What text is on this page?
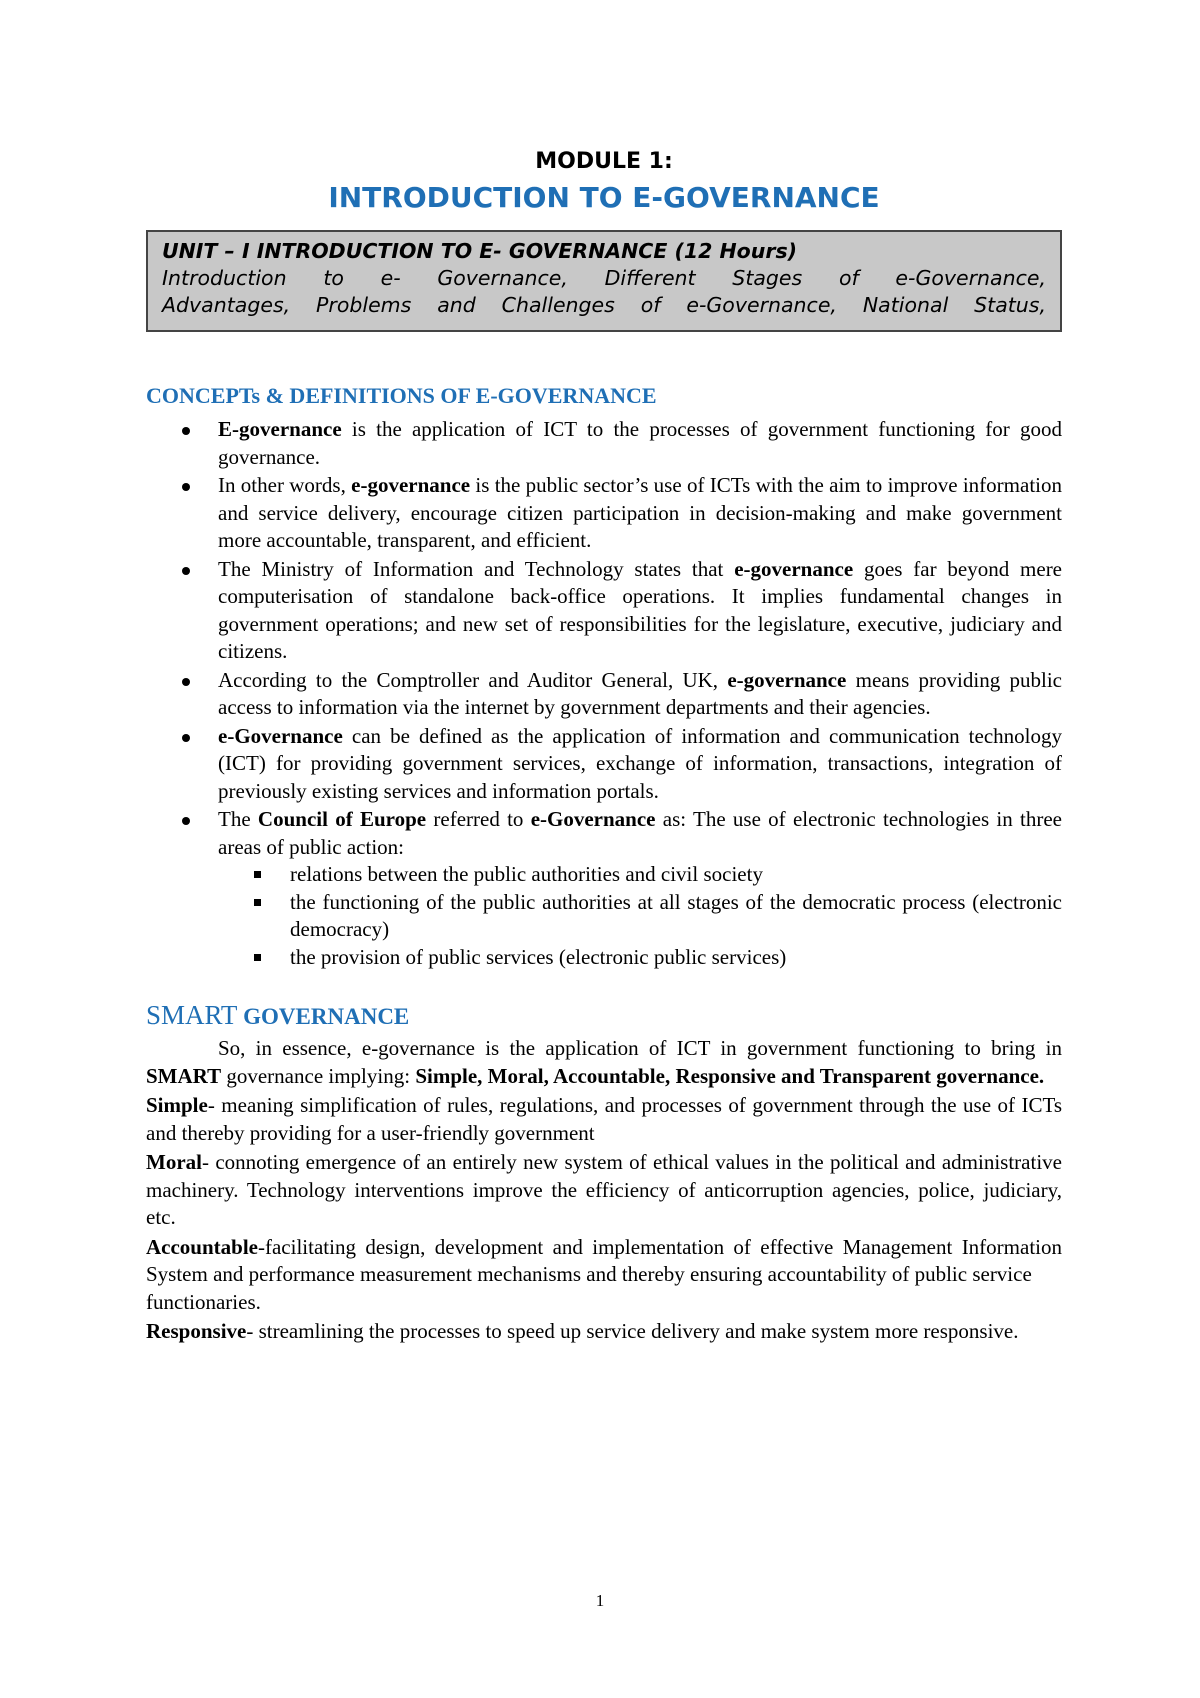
MODULE 1:

INTRODUCTION TO E-GOVERNANCE

UNIT – I INTRODUCTION TO E- GOVERNANCE (12 Hours)

Introduction to e- Governance, Different Stages of e-Governance,

Advantages, Problems and Challenges of e-Governance, National Status,

CONCEPTs & DEFINITIONS OF E-GOVERNANCE
E-governance is the application of ICT to the processes of government functioning for good governance.
In other words, e-governance is the public sector’s use of ICTs with the aim to improve information and service delivery, encourage citizen participation in decision-making and make government more accountable, transparent, and efficient.
The Ministry of Information and Technology states that e-governance goes far beyond mere computerisation of standalone back-office operations. It implies fundamental changes in government operations; and new set of responsibilities for the legislature, executive, judiciary and citizens.
According to the Comptroller and Auditor General, UK, e-governance means providing public access to information via the internet by government departments and their agencies.
e-Governance can be defined as the application of information and communication technology (ICT) for providing government services, exchange of information, transactions, integration of previously existing services and information portals.
The Council of Europe referred to e-Governance as: The use of electronic technologies in three areas of public action:
relations between the public authorities and civil society
the functioning of the public authorities at all stages of the democratic process (electronic democracy)
the provision of public services (electronic public services)
SMART GOVERNANCE

So, in essence, e-governance is the application of ICT in government functioning to bring in SMART governance implying: Simple, Moral, Accountable, Responsive and Transparent governance.

Simple- meaning simplification of rules, regulations, and processes of government through the use of ICTs and thereby providing for a user-friendly government

Moral- connoting emergence of an entirely new system of ethical values in the political and administrative machinery. Technology interventions improve the efficiency of anticorruption agencies, police, judiciary, etc.

Accountable-facilitating design, development and implementation of effective Management Information System and performance measurement mechanisms and thereby ensuring accountability of public service
functionaries.

Responsive- streamlining the processes to speed up service delivery and make system more responsive.

1
